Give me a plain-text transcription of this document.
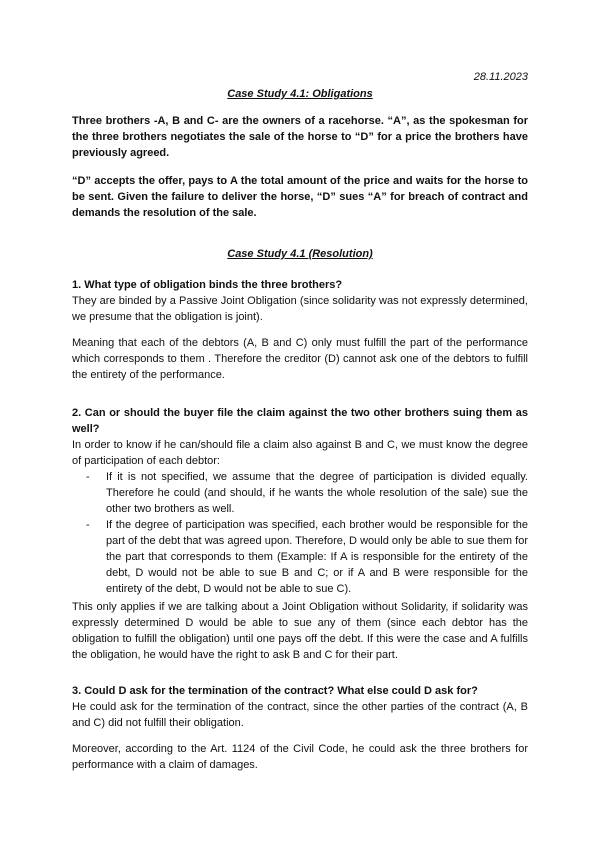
28.11.2023
Case Study 4.1: Obligations
Three brothers -A, B and C- are the owners of a racehorse. “A”, as the spokesman for the three brothers negotiates the sale of the horse to “D” for a price the brothers have previously agreed.
“D” accepts the offer, pays to A the total amount of the price and waits for the horse to be sent. Given the failure to deliver the horse, “D” sues “A” for breach of contract and demands the resolution of the sale.
Case Study 4.1 (Resolution)
1. What type of obligation binds the three brothers?
They are binded by a Passive Joint Obligation (since solidarity was not expressly determined, we presume that the obligation is joint).
Meaning that each of the debtors (A, B and C) only must fulfill the part of the performance which corresponds to them . Therefore the creditor (D) cannot ask one of the debtors to fulfill the entirety of the performance.
2. Can or should the buyer file the claim against the two other brothers suing them as well?
In order to know if he can/should file a claim also against B and C, we must know the degree of participation of each debtor:
- If it is not specified, we assume that the degree of participation is divided equally. Therefore he could (and should, if he wants the whole resolution of the sale) sue the other two brothers as well.
- If the degree of participation was specified, each brother would be responsible for the part of the debt that was agreed upon. Therefore, D would only be able to sue them for the part that corresponds to them (Example: If A is responsible for the entirety of the debt, D would not be able to sue B and C; or if A and B were responsible for the entirety of the debt, D would not be able to sue C).
This only applies if we are talking about a Joint Obligation without Solidarity, if solidarity was expressly determined D would be able to sue any of them (since each debtor has the obligation to fulfill the obligation) until one pays off the debt. If this were the case and A fulfills the obligation, he would have the right to ask B and C for their part.
3. Could D ask for the termination of the contract? What else could D ask for?
He could ask for the termination of the contract, since the other parties of the contract (A, B and C) did not fulfill their obligation.
Moreover, according to the Art. 1124 of the Civil Code, he could ask the three brothers for performance with a claim of damages.
